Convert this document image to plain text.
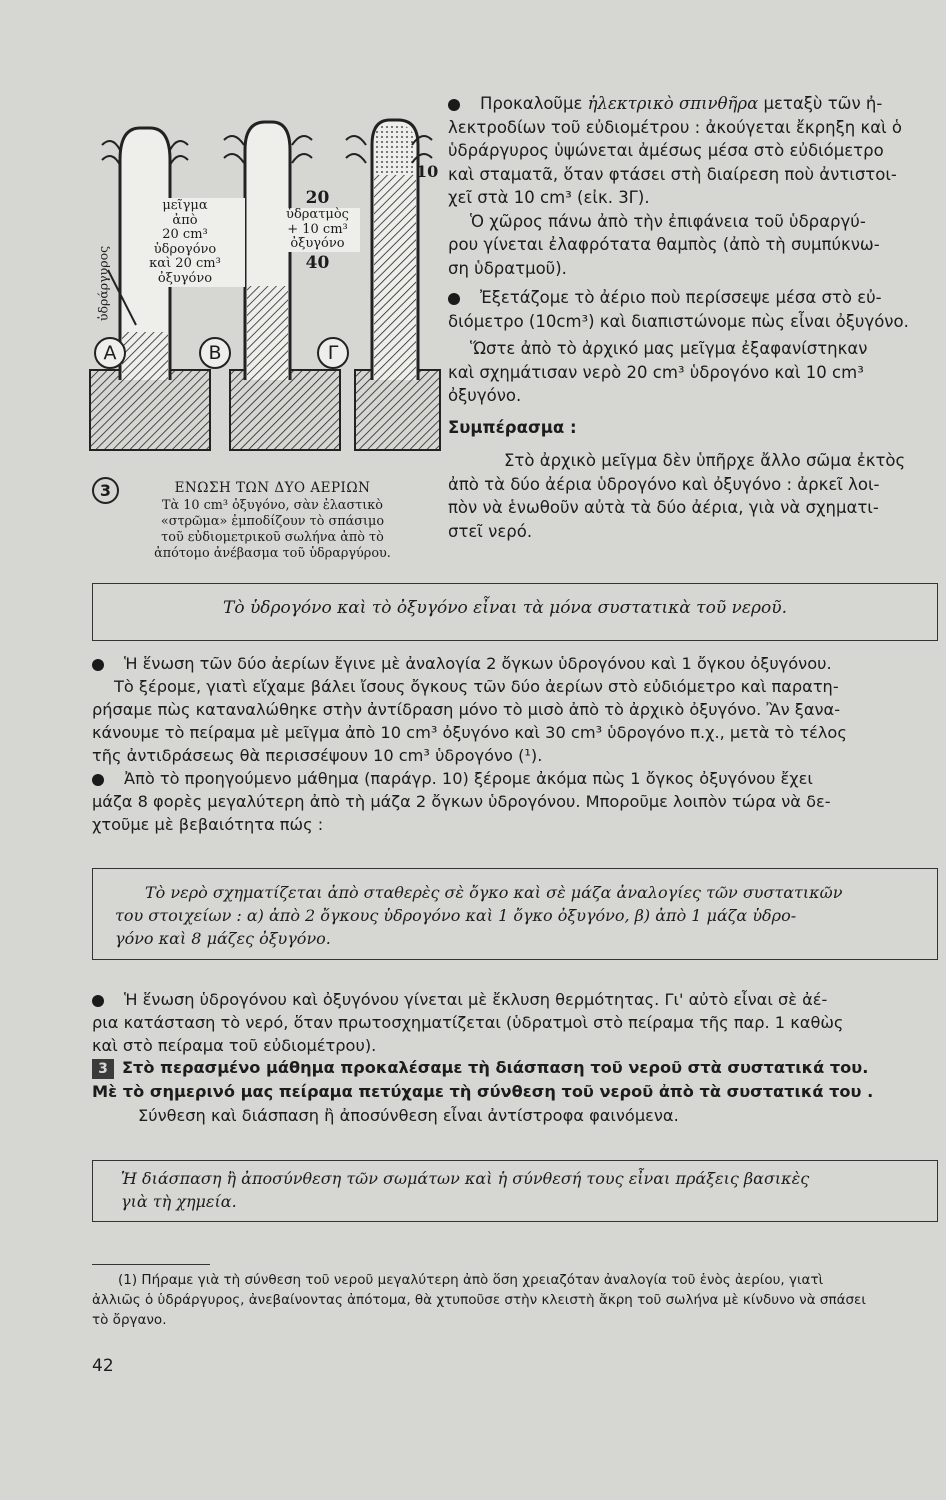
μεῖγμα
ἀπὸ
20 cm³
ὑδρογόνο
καὶ 20 cm³
ὀξυγόνο
20
ὑδρατμὸς
+ 10 cm³
ὀξυγόνο
40
10
ὑδράργυρος
Α	Β	Γ
3	ΕΝΩΣΗ ΤΩΝ ΔΥΟ ΑΕΡΙΩΝ
Τὰ 10 cm³ ὀξυγόνο, σὰν ἐλαστικὸ
«στρῶμα» ἐμποδίζουν τὸ σπάσιμο
τοῦ εὐδιομετρικοῦ σωλήνα ἀπὸ τὸ
ἀπότομο ἀνέβασμα τοῦ ὑδραργύρου.
Προκαλοῦμε ἠλεκτρικὸ σπινθῆρα μεταξὺ τῶν ἠ-
λεκτροδίων τοῦ εὐδιομέτρου : ἀκούγεται ἔκρηξη καὶ ὁ
ὑδράργυρος ὑψώνεται ἀμέσως μέσα στὸ εὐδιόμετρο
καὶ σταματᾶ, ὅταν φτάσει στὴ διαίρεση ποὺ ἀντιστοι-
χεῖ στὰ 10 cm³ (εἰκ. 3Γ).
Ὁ χῶρος πάνω ἀπὸ τὴν ἐπιφάνεια τοῦ ὑδραργύ-
ρου γίνεται ἐλαφρότατα θαμπὸς (ἀπὸ τὴ συμπύκνω-
ση ὑδρατμοῦ).
Ἐξετάζομε τὸ ἀέριο ποὺ περίσσεψε μέσα στὸ εὐ-
διόμετρο (10cm³) καὶ διαπιστώνομε πὼς εἶναι ὀξυγόνο.
Ὥστε ἀπὸ τὸ ἀρχικό μας μεῖγμα ἐξαφανίστηκαν
καὶ σχημάτισαν νερὸ 20 cm³ ὑδρογόνο καὶ 10 cm³
ὀξυγόνο.
Συμπέρασμα :
Στὸ ἀρχικὸ μεῖγμα δὲν ὑπῆρχε ἄλλο σῶμα ἐκτὸς
ἀπὸ τὰ δύο ἀέρια ὑδρογόνο καὶ ὀξυγόνο : ἀρκεῖ λοι-
πὸν νὰ ἑνωθοῦν αὐτὰ τὰ δύο ἀέρια, γιὰ νὰ σχηματι-
στεῖ νερό.
Τὸ ὑδρογόνο καὶ τὸ ὀξυγόνο εἶναι τὰ μόνα συστατικὰ τοῦ νεροῦ.
Ἡ ἕνωση τῶν δύο ἀερίων ἔγινε μὲ ἀναλογία 2 ὄγκων ὑδρογόνου καὶ 1 ὄγκου ὀξυγόνου.
Τὸ ξέρομε, γιατὶ εἴχαμε βάλει ἴσους ὄγκους τῶν δύο ἀερίων στὸ εὐδιόμετρο καὶ παρατη-
ρήσαμε πὼς καταναλώθηκε στὴν ἀντίδραση μόνο τὸ μισὸ ἀπὸ τὸ ἀρχικὸ ὀξυγόνο. Ἂν ξανα-
κάνουμε τὸ πείραμα μὲ μεῖγμα ἀπὸ 10 cm³ ὀξυγόνο καὶ 30 cm³ ὑδρογόνο π.χ., μετὰ τὸ τέλος
τῆς ἀντιδράσεως θὰ περισσέψουν 10 cm³ ὑδρογόνο (¹).
Ἀπὸ τὸ προηγούμενο μάθημα (παράγρ. 10) ξέρομε ἀκόμα πὼς 1 ὄγκος ὀξυγόνου ἔχει
μάζα 8 φορὲς μεγαλύτερη ἀπὸ τὴ μάζα 2 ὄγκων ὑδρογόνου. Μποροῦμε λοιπὸν τώρα νὰ δε-
χτοῦμε μὲ βεβαιότητα πώς :
Τὸ νερὸ σχηματίζεται ἀπὸ σταθερὲς σὲ ὄγκο καὶ σὲ μάζα ἀναλογίες τῶν συστατικῶν
του στοιχείων : α) ἀπὸ 2 ὄγκους ὑδρογόνο καὶ 1 ὄγκο ὀξυγόνο, β) ἀπὸ 1 μάζα ὑδρο-
γόνο καὶ 8 μάζες ὀξυγόνο.
Ἡ ἕνωση ὑδρογόνου καὶ ὀξυγόνου γίνεται μὲ ἔκλυση θερμότητας. Γι' αὐτὸ εἶναι σὲ ἀέ-
ρια κατάσταση τὸ νερό, ὅταν πρωτοσχηματίζεται (ὑδρατμοὶ στὸ πείραμα τῆς παρ. 1 καθὼς
καὶ στὸ πείραμα τοῦ εὐδιομέτρου).
3 Στὸ περασμένο μάθημα προκαλέσαμε τὴ διάσπαση τοῦ νεροῦ στὰ συστατικά του.
Μὲ τὸ σημερινό μας πείραμα πετύχαμε τὴ σύνθεση τοῦ νεροῦ ἀπὸ τὰ συστατικά του .
Σύνθεση καὶ διάσπαση ἢ ἀποσύνθεση εἶναι ἀντίστροφα φαινόμενα.
Ἡ διάσπαση ἢ ἀποσύνθεση τῶν σωμάτων καὶ ἡ σύνθεσή τους εἶναι πράξεις βασικὲς
γιὰ τὴ χημεία.
(1) Πήραμε γιὰ τὴ σύνθεση τοῦ νεροῦ μεγαλύτερη ἀπὸ ὅση χρειαζόταν ἀναλογία τοῦ ἑνὸς ἀερίου, γιατὶ
ἀλλιῶς ὁ ὑδράργυρος, ἀνεβαίνοντας ἀπότομα, θὰ χτυποῦσε στὴν κλειστὴ ἄκρη τοῦ σωλήνα μὲ κίνδυνο νὰ σπάσει
τὸ ὄργανο.
42
